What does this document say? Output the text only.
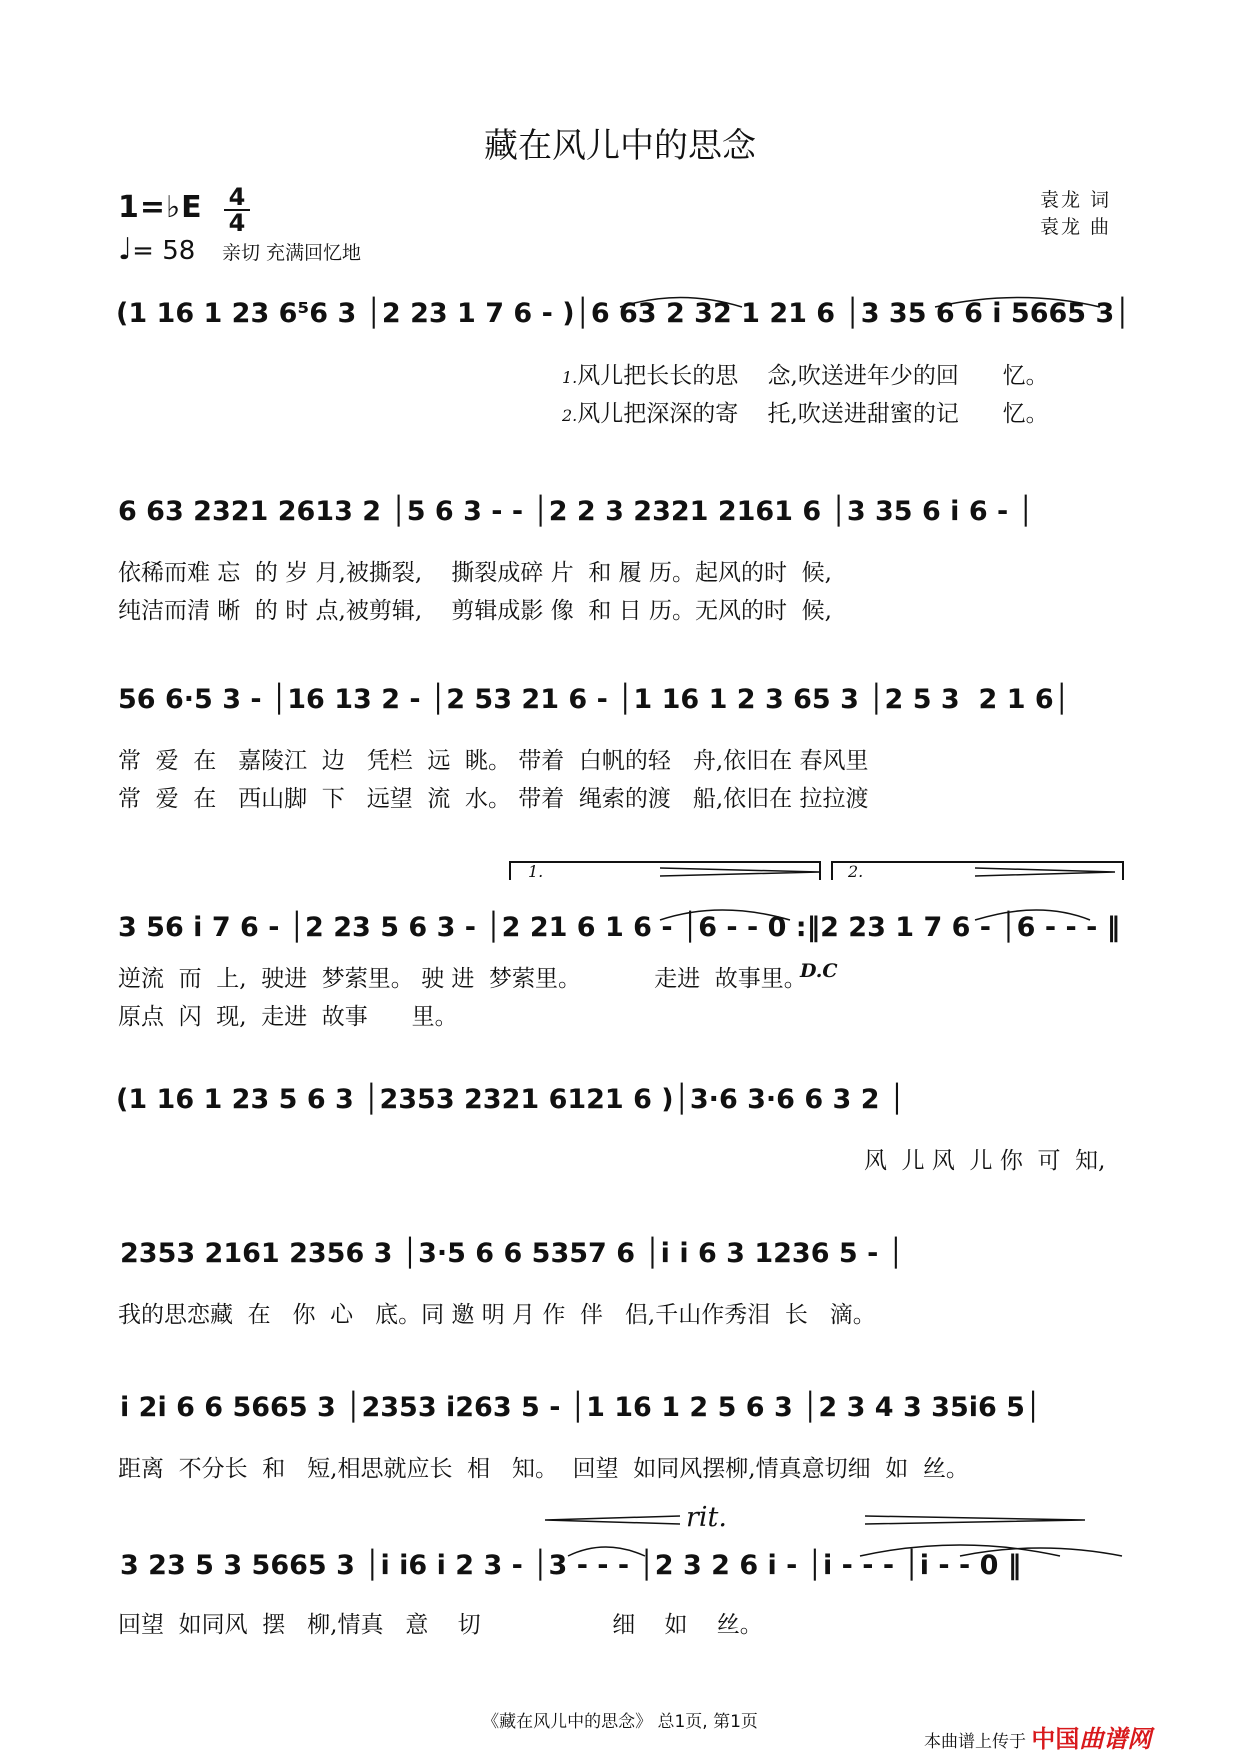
藏在风儿中的思念
1=♭E 4
4
♩= 58 亲切 充满回忆地
袁龙 词
袁龙 曲
(1 16 1 23 6⁵6 3 │2 23 1 7 6 - )│6 63 2 32 1 21 6 │3 35 6 6 i 5665 3│
1.风儿把长长的思    念,吹送进年少的回      忆。
2.风儿把深深的寄    托,吹送进甜蜜的记      忆。
6 63 2321 2613 2 │5 6 3 - - │2 2 3 2321 2161 6 │3 35 6 i 6 - │
依稀而难 忘  的 岁 月,被撕裂,    撕裂成碎 片  和 履 历。起风的时  候,
纯洁而清 晰  的 时 点,被剪辑,    剪辑成影 像  和 日 历。无风的时  候,
56 6·5 3 - │16 13 2 - │2 53 21 6 - │1 16 1 2 3 65 3 │2 5 3  2 1 6│
常  爱  在   嘉陵江  边   凭栏  远  眺。 带着  白帆的轻   舟,依旧在 春风里
常  爱  在   西山脚  下   远望  流  水。 带着  绳索的渡   船,依旧在 拉拉渡
1.	2.
3 56 i 7 6 - │2 23 5 6 3 - │2 21 6 1 6 - │6 - - 0 :‖2 23 1 7 6 - │6 - - - ‖
D.C
逆流  而  上,  驶进  梦萦里。 驶 进  梦萦里。          走进  故事里。
原点  闪  现,  走进  故事      里。
(1 16 1 23 5 6 3 │2353 2321 6121 6 )│3·6 3·6 6 3 2 │
风  儿 风  儿 你  可  知,
2353 2161 2356 3 │3·5 6 6 5357 6 │i i 6 3 1236 5 - │
我的思恋藏  在   你  心   底。同 邀 明 月 作  伴   侣,千山作秀泪  长   滴。
i 2i 6 6 5665 3 │2353 i263 5 - │1 16 1 2 5 6 3 │2 3 4 3 35i6 5│
距离  不分长  和   短,相思就应长  相   知。  回望  如同风摆柳,情真意切细  如  丝。
rit.
3 23 5 3 5665 3 │i i6 i 2 3 - │3 - - - │2 3 2 6 i - │i - - - │i - - 0 ‖
回望  如同风  摆   柳,情真   意    切                  细    如    丝。
《藏在风儿中的思念》 总1页, 第1页
本曲谱上传于 中国曲谱网
